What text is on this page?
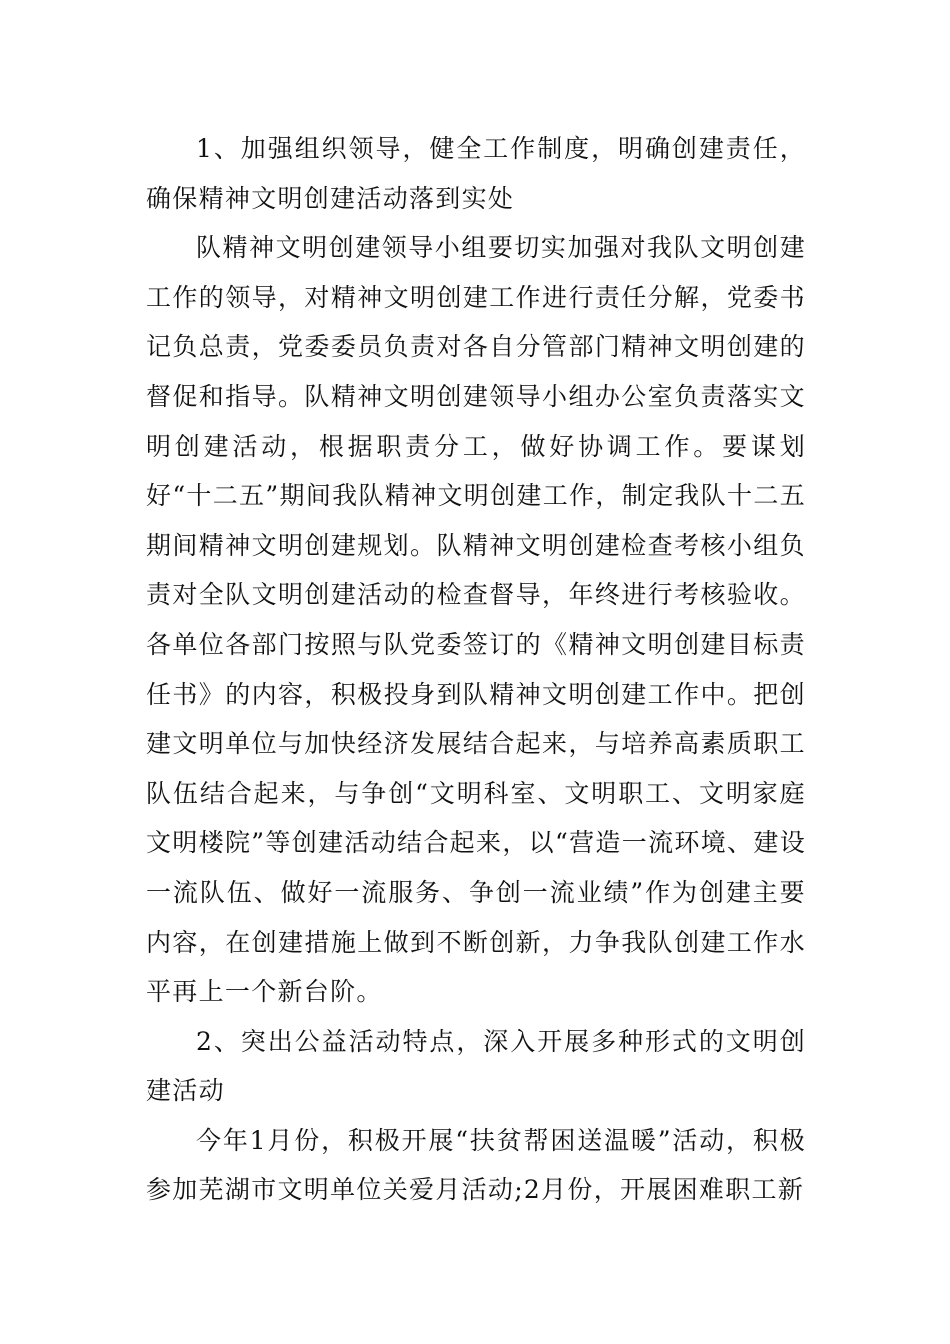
1、加强组织领导，健全工作制度，明确创建责任，确保精神文明创建活动落到实处

队精神文明创建领导小组要切实加强对我队文明创建工作的领导，对精神文明创建工作进行责任分解，党委书记负总责，党委委员负责对各自分管部门精神文明创建的督促和指导。队精神文明创建领导小组办公室负责落实文明创建活动，根据职责分工，做好协调工作。要谋划好“十二五”期间我队精神文明创建工作，制定我队十二五期间精神文明创建规划。队精神文明创建检查考核小组负责对全队文明创建活动的检查督导，年终进行考核验收。各单位各部门按照与队党委签订的《精神文明创建目标责任书》的内容，积极投身到队精神文明创建工作中。把创建文明单位与加快经济发展结合起来，与培养高素质职工队伍结合起来，与争创“文明科室、文明职工、文明家庭文明楼院”等创建活动结合起来，以“营造一流环境、建设一流队伍、做好一流服务、争创一流业绩”作为创建主要内容，在创建措施上做到不断创新，力争我队创建工作水平再上一个新台阶。

2、突出公益活动特点，深入开展多种形式的文明创建活动

今年1月份，积极开展“扶贫帮困送温暖”活动，积极参加芜湖市文明单位关爱月活动;2月份，开展困难职工新
